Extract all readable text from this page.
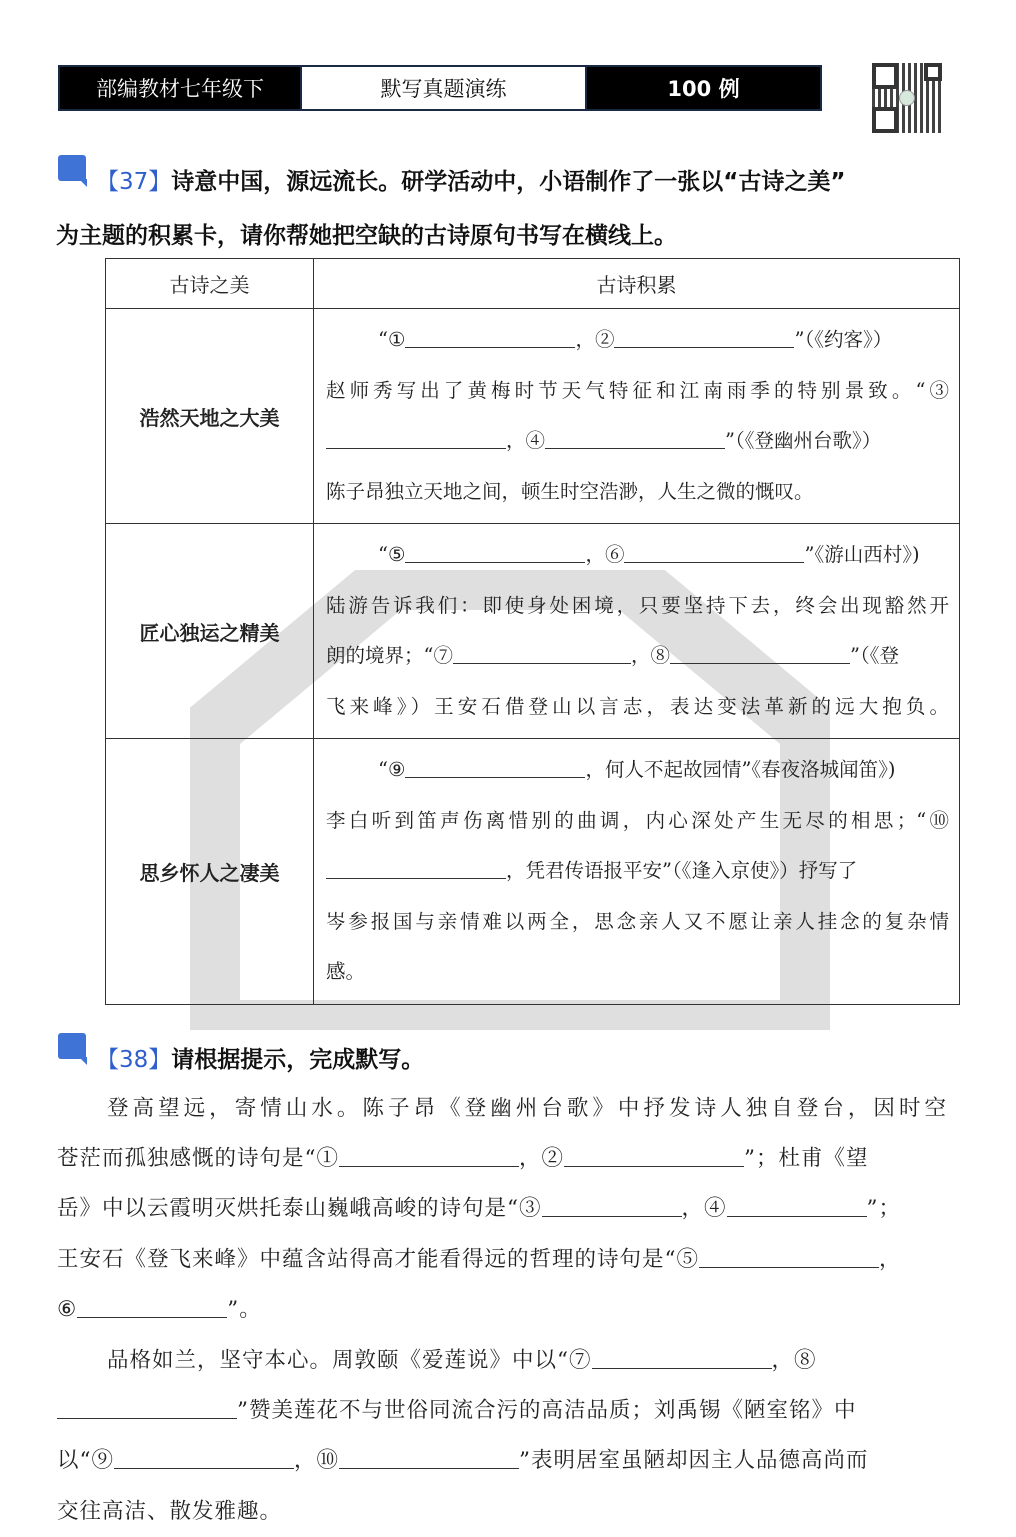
部编教材七年级下	默写真题演练	100 例
【37】诗意中国，源远流长。研学活动中，小语制作了一张以“古诗之美”
为主题的积累卡，请你帮她把空缺的古诗原句书写在横线上。
古诗之美	古诗积累
浩然天地之大美	“① ，② ”（《约客》）
赵师秀写出了黄梅时节天气特征和江南雨季的特别景致。“③
，④ ”（《登幽州台歌》）
陈子昂独立天地之间，顿生时空浩渺，人生之微的慨叹。

匠心独运之精美	“⑤ ，⑥ ”《游山西村》)
陆游告诉我们：即使身处困境，只要坚持下去，终会出现豁然开
朗的境界；“⑦ ，⑧ ”（《登
飞来峰》）王安石借登山以言志，表达变法革新的远大抱负。

思乡怀人之凄美	“⑨ ，何人不起故园情”《春夜洛城闻笛》)
李白听到笛声伤离惜别的曲调，内心深处产生无尽的相思；“⑩
，凭君传语报平安”（《逢入京使》）抒写了
岑参报国与亲情难以两全，思念亲人又不愿让亲人挂念的复杂情
感。
【38】请根据提示，完成默写。
登高望远，寄情山水。陈子昂《登幽州台歌》中抒发诗人独自登台，因时空
苍茫而孤独感慨的诗句是“①	，②	”；杜甫《望
岳》中以云霞明灭烘托泰山巍峨高峻的诗句是“③	，④	”；
王安石《登飞来峰》中蕴含站得高才能看得远的哲理的诗句是“⑤	，
⑥	”。
品格如兰，坚守本心。周敦颐《爱莲说》中以“⑦	，⑧
”赞美莲花不与世俗同流合污的高洁品质；刘禹锡《陋室铭》中
以“⑨	，⑩	”表明居室虽陋却因主人品德高尚而
交往高洁、散发雅趣。
